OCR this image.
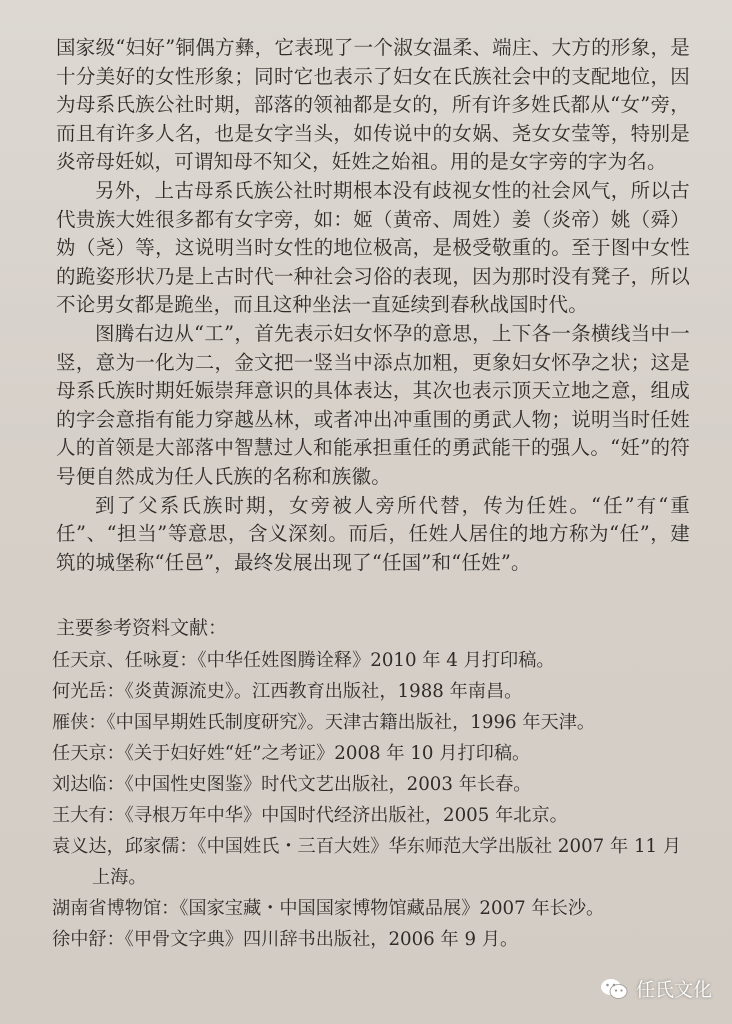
国家级“妇好”铜偶方彝，它表现了一个淑女温柔、端庄、大方的形象，是十分美好的女性形象；同时它也表示了妇女在氏族社会中的支配地位，因为母系氏族公社时期，部落的领袖都是女的，所有许多姓氏都从“女”旁，而且有许多人名，也是女字当头，如传说中的女娲、尧女女莹等，特别是炎帝母妊姒，可谓知母不知父，妊姓之始祖。用的是女字旁的字为名。

另外，上古母系氏族公社时期根本没有歧视女性的社会风气，所以古代贵族大姓很多都有女字旁，如：姬（黄帝、周姓）姜（炎帝）姚（舜）妫（尧）等，这说明当时女性的地位极高，是极受敬重的。至于图中女性的跪姿形状乃是上古时代一种社会习俗的表现，因为那时没有凳子，所以不论男女都是跪坐，而且这种坐法一直延续到春秋战国时代。

图腾右边从“工”，首先表示妇女怀孕的意思，上下各一条横线当中一竖，意为一化为二，金文把一竖当中添点加粗，更象妇女怀孕之状；这是母系氏族时期妊娠崇拜意识的具体表达，其次也表示顶天立地之意，组成的字会意指有能力穿越丛林，或者冲出冲重围的勇武人物；说明当时任姓人的首领是大部落中智慧过人和能承担重任的勇武能干的强人。“妊”的符号便自然成为任人氏族的名称和族徽。

到了父系氏族时期，女旁被人旁所代替，传为任姓。“任”有“重任”、“担当”等意思，含义深刻。而后，任姓人居住的地方称为“任”，建筑的城堡称“任邑”，最终发展出现了“任国”和“任姓”。

主要参考资料文献：
任天京、任咏夏：《中华任姓图腾诠释》2010 年 4 月打印稿。
何光岳：《炎黄源流史》。江西教育出版社，1988 年南昌。
雁侠：《中国早期姓氏制度研究》。天津古籍出版社，1996 年天津。
任天京：《关于妇好姓“妊”之考证》2008 年 10 月打印稿。
刘达临：《中国性史图鉴》时代文艺出版社，2003 年长春。
王大有：《寻根万年中华》中国时代经济出版社，2005 年北京。
袁义达，邱家儒：《中国姓氏・三百大姓》华东师范大学出版社 2007 年 11 月上海。
湖南省博物馆：《国家宝藏・中国国家博物馆藏品展》2007 年长沙。
徐中舒：《甲骨文字典》四川辞书出版社，2006 年 9 月。
任氏文化
